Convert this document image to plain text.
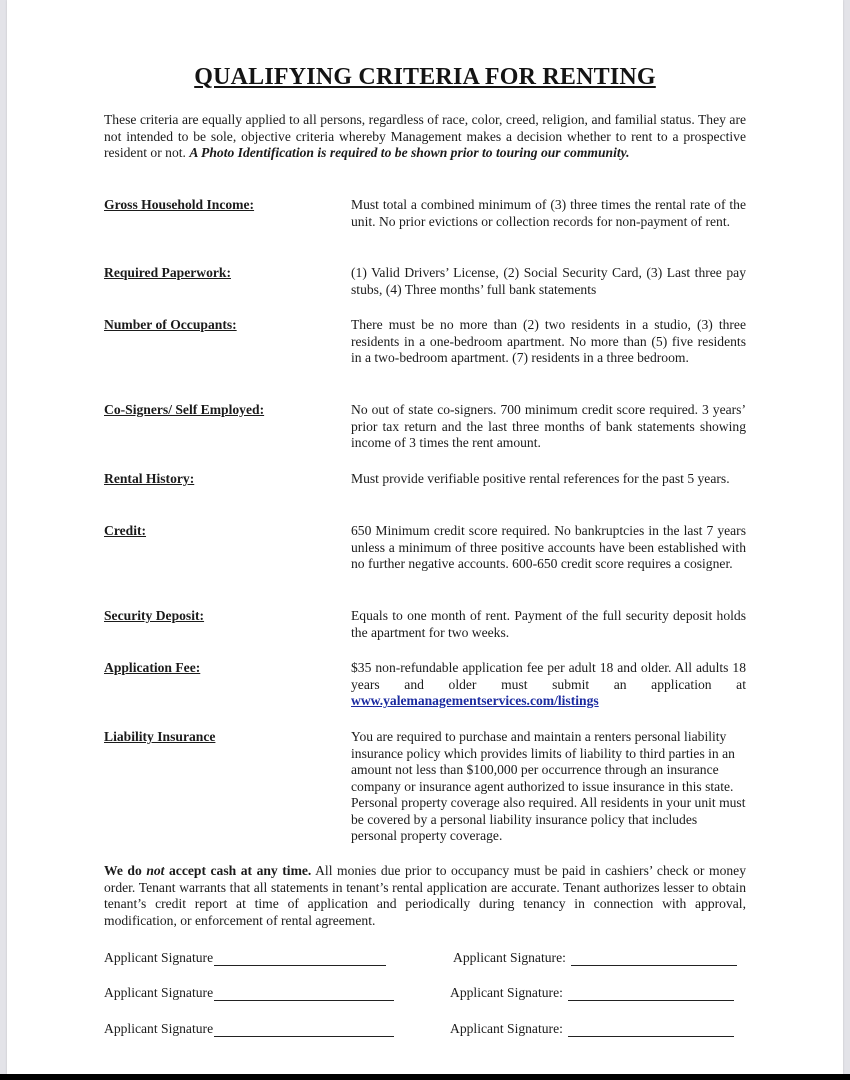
QUALIFYING CRITERIA FOR RENTING
These criteria are equally applied to all persons, regardless of race, color, creed, religion, and familial status. They are not intended to be sole, objective criteria whereby Management makes a decision whether to rent to a prospective resident or not. A Photo Identification is required to be shown prior to touring our community.
Gross Household Income:	Must total a combined minimum of (3) three times the rental rate of the unit. No prior evictions or collection records for non-payment of rent.
Required Paperwork:	(1) Valid Drivers’ License, (2) Social Security Card, (3) Last three pay stubs, (4) Three months’ full bank statements
Number of Occupants:	There must be no more than (2) two residents in a studio, (3) three residents in a one-bedroom apartment. No more than (5) five residents in a two-bedroom apartment. (7) residents in a three bedroom.
Co-Signers/ Self Employed:	No out of state co-signers. 700 minimum credit score required. 3 years’ prior tax return and the last three months of bank statements showing income of 3 times the rent amount.
Rental History:	Must provide verifiable positive rental references for the past 5 years.
Credit:	650 Minimum credit score required. No bankruptcies in the last 7 years unless a minimum of three positive accounts have been established with no further negative accounts. 600-650 credit score requires a cosigner.
Security Deposit:	Equals to one month of rent. Payment of the full security deposit holds the apartment for two weeks.
Application Fee:	$35 non-refundable application fee per adult 18 and older. All adults 18 years and older must submit an application at www.yalemanagementservices.com/listings
Liability Insurance	You are required to purchase and maintain a renters personal liability insurance policy which provides limits of liability to third parties in an amount not less than $100,000 per occurrence through an insurance company or insurance agent authorized to issue insurance in this state. Personal property coverage also required. All residents in your unit must be covered by a personal liability insurance policy that includes personal property coverage.
We do not accept cash at any time. All monies due prior to occupancy must be paid in cashiers’ check or money order. Tenant warrants that all statements in tenant’s rental application are accurate. Tenant authorizes lesser to obtain tenant’s credit report at time of application and periodically during tenancy in connection with approval, modification, or enforcement of rental agreement.
Applicant Signature	Applicant Signature:
Applicant Signature	Applicant Signature:
Applicant Signature	Applicant Signature:
